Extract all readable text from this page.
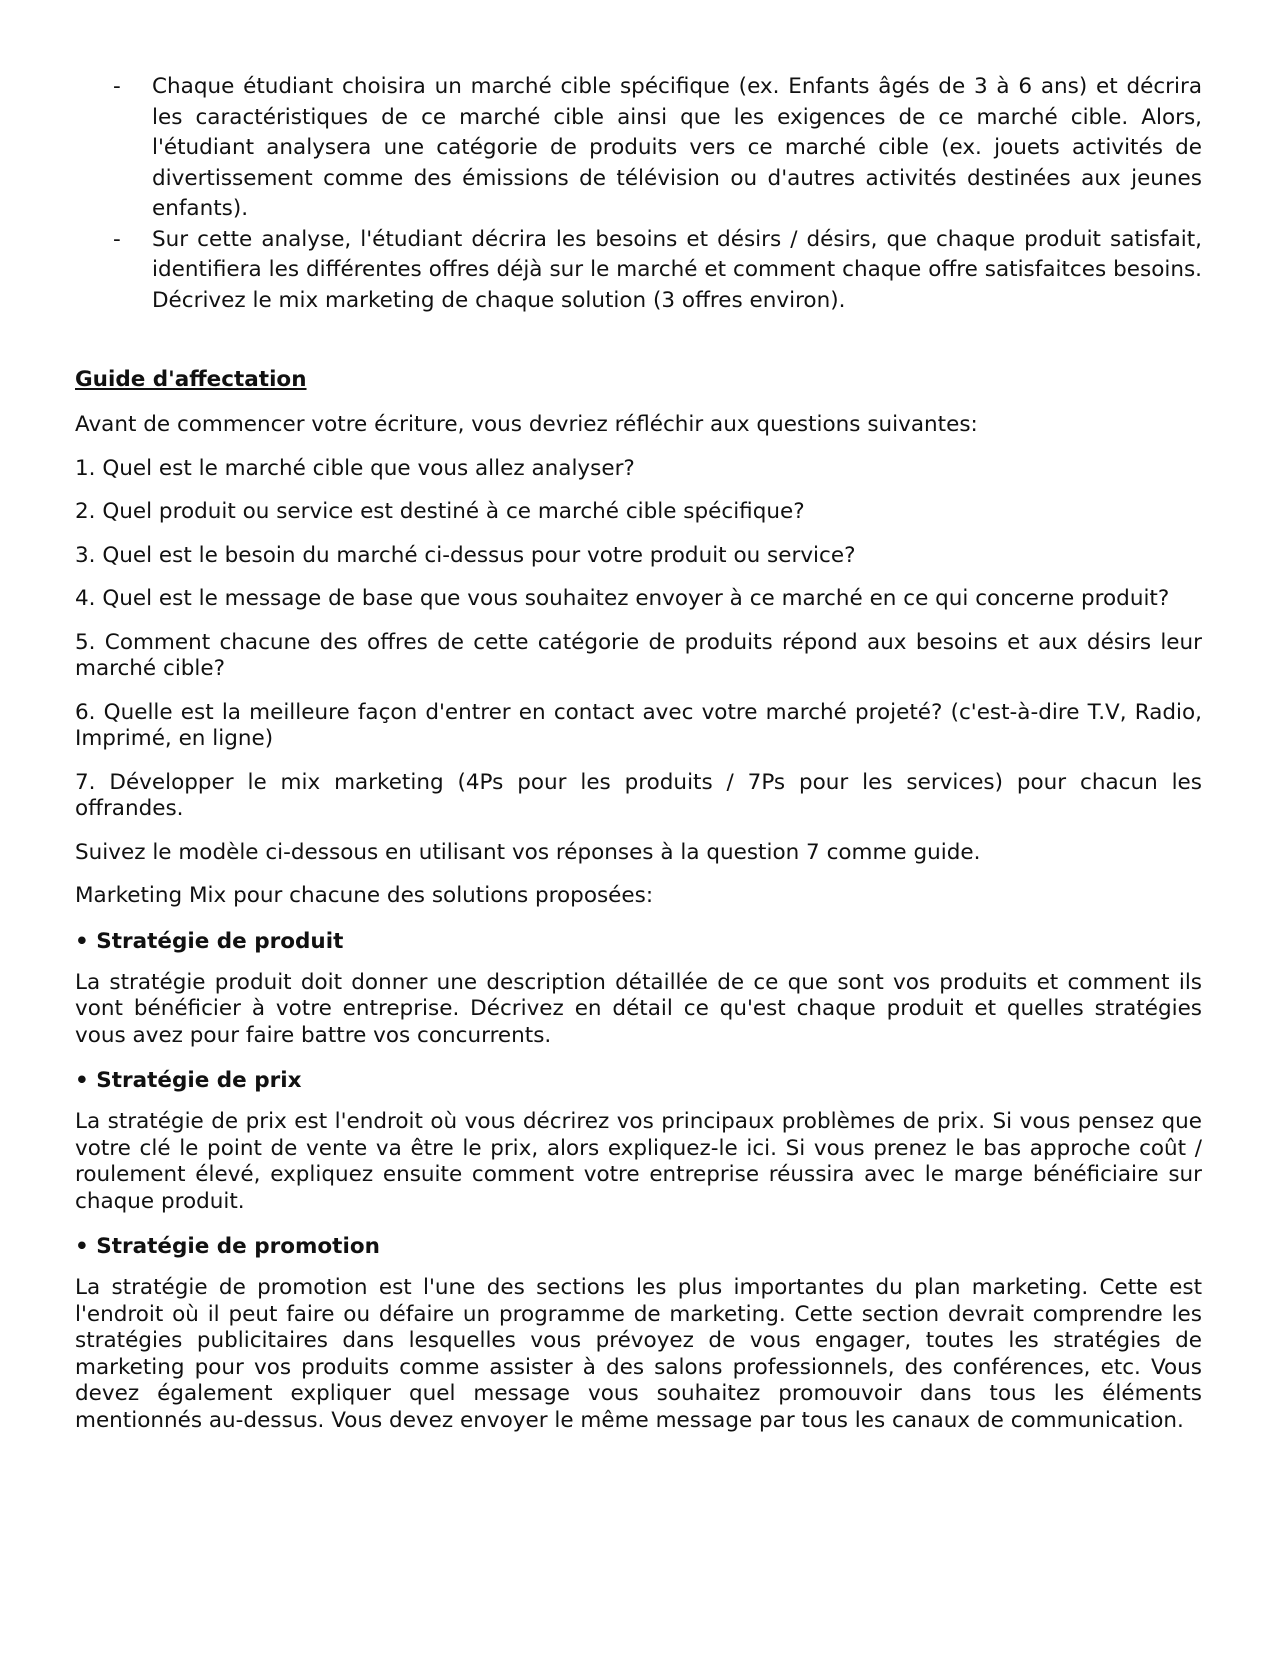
- Chaque étudiant choisira un marché cible spécifique (ex. Enfants âgés de 3 à 6 ans) et décrira les caractéristiques de ce marché cible ainsi que les exigences de ce marché cible. Alors, l'étudiant analysera une catégorie de produits vers ce marché cible (ex. jouets activités de divertissement comme des émissions de télévision ou d'autres activités destinées aux jeunes enfants).
- Sur cette analyse, l'étudiant décrira les besoins et désirs / désirs, que chaque produit satisfait, identifiera les différentes offres déjà sur le marché et comment chaque offre satisfaitces besoins. Décrivez le mix marketing de chaque solution (3 offres environ).
Guide d'affectation

Avant de commencer votre écriture, vous devriez réfléchir aux questions suivantes:

1. Quel est le marché cible que vous allez analyser?

2. Quel produit ou service est destiné à ce marché cible spécifique?

3. Quel est le besoin du marché ci-dessus pour votre produit ou service?

4. Quel est le message de base que vous souhaitez envoyer à ce marché en ce qui concerne produit?

5. Comment chacune des offres de cette catégorie de produits répond aux besoins et aux désirs leur marché cible?

6. Quelle est la meilleure façon d'entrer en contact avec votre marché projeté? (c'est-à-dire T.V, Radio, Imprimé, en ligne)

7. Développer le mix marketing (4Ps pour les produits / 7Ps pour les services) pour chacun les offrandes.

Suivez le modèle ci-dessous en utilisant vos réponses à la question 7 comme guide.

Marketing Mix pour chacune des solutions proposées:

• Stratégie de produit

La stratégie produit doit donner une description détaillée de ce que sont vos produits et comment ils vont bénéficier à votre entreprise. Décrivez en détail ce qu'est chaque produit et quelles stratégies vous avez pour faire battre vos concurrents.

• Stratégie de prix

La stratégie de prix est l'endroit où vous décrirez vos principaux problèmes de prix. Si vous pensez que votre clé le point de vente va être le prix, alors expliquez-le ici. Si vous prenez le bas approche coût / roulement élevé, expliquez ensuite comment votre entreprise réussira avec le marge bénéficiaire sur chaque produit.

• Stratégie de promotion

La stratégie de promotion est l'une des sections les plus importantes du plan marketing. Cette est l'endroit où il peut faire ou défaire un programme de marketing. Cette section devrait comprendre les stratégies publicitaires dans lesquelles vous prévoyez de vous engager, toutes les stratégies de marketing pour vos produits comme assister à des salons professionnels, des conférences, etc. Vous devez également expliquer quel message vous souhaitez promouvoir dans tous les éléments mentionnés au-dessus. Vous devez envoyer le même message par tous les canaux de communication.
